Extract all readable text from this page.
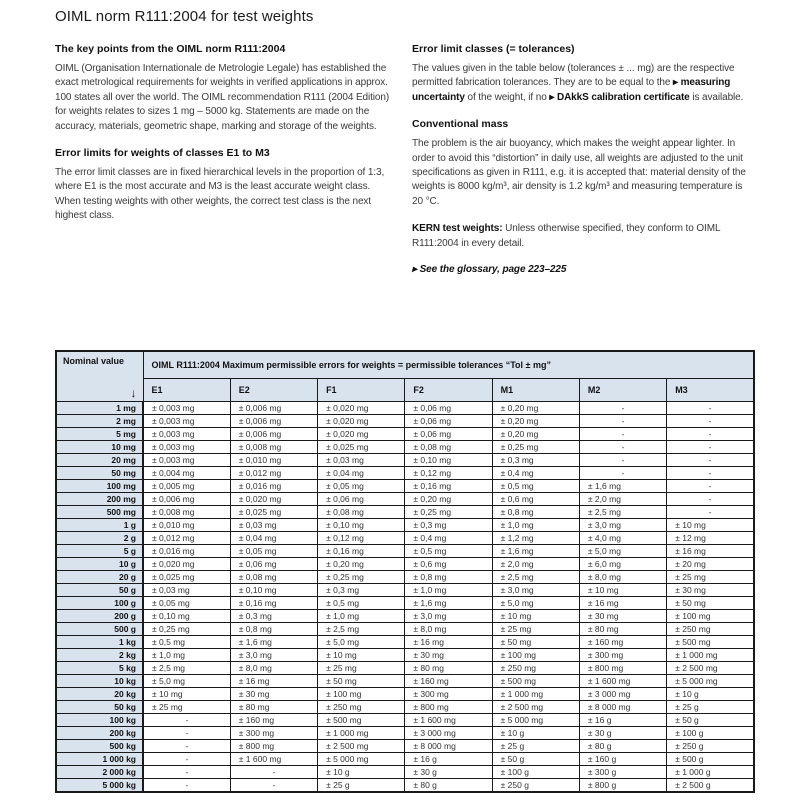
OIML norm R111:2004 for test weights
The key points from the OIML norm R111:2004

OIML (Organisation Internationale de Metrologie Legale) has established the exact metrological requirements for weights in verified applications in approx. 100 states all over the world. The OIML recommendation R111 (2004 Edition) for weights relates to sizes 1 mg – 5000 kg. Statements are made on the accuracy, materials, geometric shape, marking and storage of the weights.

Error limits for weights of classes E1 to M3

The error limit classes are in fixed hierarchical levels in the proportion of 1:3, where E1 is the most accurate and M3 is the least accurate weight class. When testing weights with other weights, the correct test class is the next highest class.

Error limit classes (= tolerances)

The values given in the table below (tolerances ± ... mg) are the respective permitted fabrication tolerances. They are to be equal to the ▸ measuring uncertainty of the weight, if no ▸ DAkkS calibration certificate is available.

Conventional mass

The problem is the air buoyancy, which makes the weight appear lighter. In order to avoid this “distortion” in daily use, all weights are adjusted to the unit specifications as given in R111, e.g. it is accepted that: material density of the weights is 8000 kg/m³, air density is 1.2 kg/m³ and measuring temperature is 20 °C.

KERN test weights: Unless otherwise specified, they conform to OIML R111:2004 in every detail.

▸ See the glossary, page 223–225

Nominal value
↓	OIML R111:2004 Maximum permissible errors for weights = permissible tolerances “Tol ± mg”						
	E1	E2	F1	F2	M1	M2	M3
1 mg	± 0,003 mg	± 0,006 mg	± 0,020 mg	± 0,06 mg	± 0,20 mg	-	-
2 mg	± 0,003 mg	± 0,006 mg	± 0,020 mg	± 0,06 mg	± 0,20 mg	-	-
5 mg	± 0,003 mg	± 0,006 mg	± 0,020 mg	± 0,06 mg	± 0,20 mg	-	-
10 mg	± 0,003 mg	± 0,008 mg	± 0,025 mg	± 0,08 mg	± 0,25 mg	-	-
20 mg	± 0,003 mg	± 0,010 mg	± 0,03 mg	± 0,10 mg	± 0,3 mg	-	-
50 mg	± 0,004 mg	± 0,012 mg	± 0,04 mg	± 0,12 mg	± 0,4 mg	-	-
100 mg	± 0,005 mg	± 0,016 mg	± 0,05 mg	± 0,16 mg	± 0,5 mg	± 1,6 mg	-
200 mg	± 0,006 mg	± 0,020 mg	± 0,06 mg	± 0,20 mg	± 0,6 mg	± 2,0 mg	-
500 mg	± 0,008 mg	± 0,025 mg	± 0,08 mg	± 0,25 mg	± 0,8 mg	± 2,5 mg	-
1 g	± 0,010 mg	± 0,03 mg	± 0,10 mg	± 0,3 mg	± 1,0 mg	± 3,0 mg	± 10 mg
2 g	± 0,012 mg	± 0,04 mg	± 0,12 mg	± 0,4 mg	± 1,2 mg	± 4,0 mg	± 12 mg
5 g	± 0,016 mg	± 0,05 mg	± 0,16 mg	± 0,5 mg	± 1,6 mg	± 5,0 mg	± 16 mg
10 g	± 0,020 mg	± 0,06 mg	± 0,20 mg	± 0,6 mg	± 2,0 mg	± 6,0 mg	± 20 mg
20 g	± 0,025 mg	± 0,08 mg	± 0,25 mg	± 0,8 mg	± 2,5 mg	± 8,0 mg	± 25 mg
50 g	± 0,03 mg	± 0,10 mg	± 0,3 mg	± 1,0 mg	± 3,0 mg	± 10 mg	± 30 mg
100 g	± 0,05 mg	± 0,16 mg	± 0,5 mg	± 1,6 mg	± 5,0 mg	± 16 mg	± 50 mg
200 g	± 0,10 mg	± 0,3 mg	± 1,0 mg	± 3,0 mg	± 10 mg	± 30 mg	± 100 mg
500 g	± 0,25 mg	± 0,8 mg	± 2,5 mg	± 8,0 mg	± 25 mg	± 80 mg	± 250 mg
1 kg	± 0,5 mg	± 1,6 mg	± 5,0 mg	± 16 mg	± 50 mg	± 160 mg	± 500 mg
2 kg	± 1,0 mg	± 3,0 mg	± 10 mg	± 30 mg	± 100 mg	± 300 mg	± 1 000 mg
5 kg	± 2,5 mg	± 8,0 mg	± 25 mg	± 80 mg	± 250 mg	± 800 mg	± 2 500 mg
10 kg	± 5,0 mg	± 16 mg	± 50 mg	± 160 mg	± 500 mg	± 1 600 mg	± 5 000 mg
20 kg	± 10 mg	± 30 mg	± 100 mg	± 300 mg	± 1 000 mg	± 3 000 mg	± 10 g
50 kg	± 25 mg	± 80 mg	± 250 mg	± 800 mg	± 2 500 mg	± 8 000 mg	± 25 g
100 kg	-	± 160 mg	± 500 mg	± 1 600 mg	± 5 000 mg	± 16 g	± 50 g
200 kg	-	± 300 mg	± 1 000 mg	± 3 000 mg	± 10 g	± 30 g	± 100 g
500 kg	-	± 800 mg	± 2 500 mg	± 8 000 mg	± 25 g	± 80 g	± 250 g
1 000 kg	-	± 1 600 mg	± 5 000 mg	± 16 g	± 50 g	± 160 g	± 500 g
2 000 kg	-	-	± 10 g	± 30 g	± 100 g	± 300 g	± 1 000 g
5 000 kg	-	-	± 25 g	± 80 g	± 250 g	± 800 g	± 2 500 g
